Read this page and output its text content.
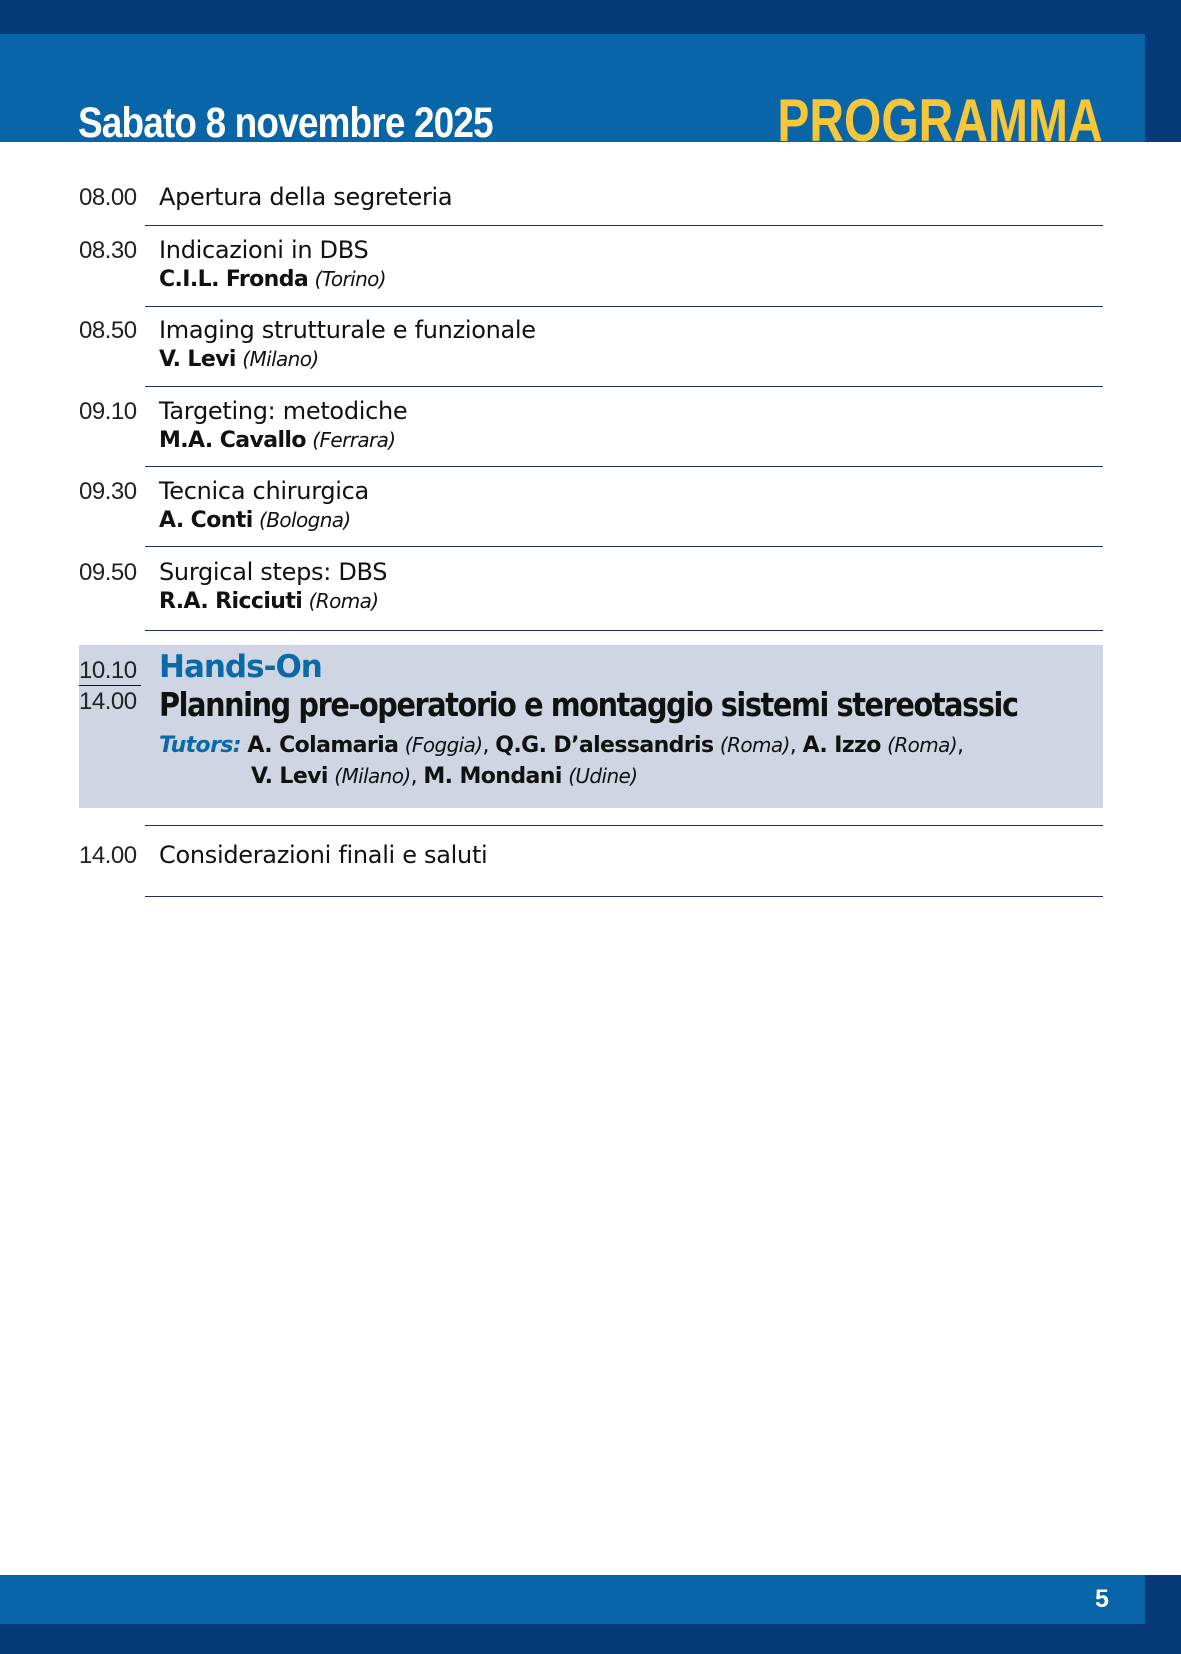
Sabato 8 novembre 2025	PROGRAMMA
08.00 Apertura della segreteria
08.30 Indicazioni in DBS
C.I.L. Fronda (Torino)
08.50 Imaging strutturale e funzionale
V. Levi (Milano)
09.10 Targeting: metodiche
M.A. Cavallo (Ferrara)
09.30 Tecnica chirurgica
A. Conti (Bologna)
09.50 Surgical steps: DBS
R.A. Ricciuti (Roma)
10.10
14.00
Hands-On
Planning pre-operatorio e montaggio sistemi stereotassic
Tutors: A. Colamaria (Foggia), Q.G. D’alessandris (Roma), A. Izzo (Roma),
V. Levi (Milano), M. Mondani (Udine)
14.00 Considerazioni finali e saluti
5
